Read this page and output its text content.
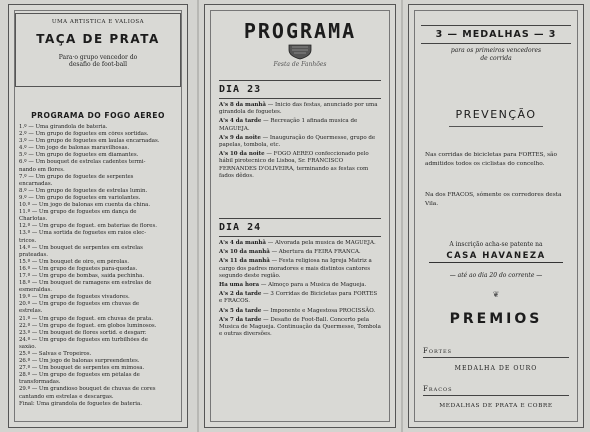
UMA ARTISTICA E VALIOSA
TAÇA DE PRATA
Para·o grupo vencedor do
desafio de foot-ball
PROGRAMA DO FOGO AEREO
1.º — Uma girandola de bateria.
2.º — Um grupo de foguetes em côres sortidas.
3.º — Um grupo de foguetes em laulas encarnadas.
4.º — Um jogo de balonas maravilhosas.
5.º — Um grupo de foguetes em diamantes.
6.º — Um bouquet de estrelas cadentes termi-
nando em flores.
7.º — Um grupo de foguetes de serpentes
encarnadas.
8.º — Um grupo de foguetes de estrelas lumin.
9.º — Um grupo de foguetes em variolantes.
10.º — Um jogo de balonas em cuenta da china.
11.º — Um grupo de foguetes em dança de
Charlotas.
12.º — Um grupo de foguet. em baterias de flores.
13.º — Uma sortida de foguetes em raios elec-
tricos.
14.º — Um bouquet de serpentes em estrelas
prateadas.
15.º — Um bouquet de oiro, em pérolas.
16.º — Um grupo de foguetes para-quedas.
17.º — Um grupo de bombas, saída pechinha.
18.º — Um bouquet de ramagens em estrelas de
esmeraldas.
19.º — Um grupo de foguetes vivadores.
20.º — Um grupo de foguetes em chuvas de
estrelas.
21.º — Um grupo de foguet. em chuvas de prata.
22.º — Um grupo de foguet. em globos luminosos.
23.º — Um bouquet de flores sortid. e desgarr.
24.º — Um grupo de foguetes em turbilhões de
saxão.
25.º — Salvas e Tropeiros.
26.º — Um jogo de balonas surpreendentes.
27.º — Um bouquet de serpentes em mimosa.
28.º — Um grupo de foguetes em pétalas de
transformadas.
29.º — Um grandioso bouquet de chuvas de cores
cantando em estrelas e descargas.
Final: Uma girandola de foguetes de bateria.
PROGRAMA
Festa de Fanhões
DIA 23
A's 8 da manhã — Inicio das festas, anunciado por uma girandola de foguetes.
A's 4 da tarde — Recreação 1 afinada musica de MAGUEJA.
A's 9 da noite — Inauguração do Quermesse, grupo de papelas, tombola, etc.
A's 10 da noite — FOGO AEREO confeccionado pelo hábil pirotecnico de Lisboa, Sr. FRANCISCO FERNANDES D'OLIVEIRA, terminando as festas com fados dêdos.
DIA 24
A's 4 da manhã — Alvorada pela musica de MAGUEJA.
A's 10 da manhã — Abertura da FEIRA FRANCA.
A's 11 da manhã — Festa religiosa na Igreja Matriz a cargo dos padres moradores e mais distintos cantores segundo deste região.
Ha uma hora — Almoço para a Musica de Magueja.
A's 2 da tarde — 3 Corridas de Bicicletas para FORTES e FRACOS.
A's 5 da tarde — Imponente e Magestosa PROCISSÃO.
A's 7 da tarde — Desafio de Foot-Ball. Concerto pela Musica de Magueja. Continuação da Quermesse, Tombola e outras diversões.
3 — MEDALHAS — 3
para os primeiros vencedores
de corrida
PREVENÇÃO
Nas corridas de bicicletas para FORTES, são admitidos todos os ciclistas do concelho.
Na dos FRACOS, sómente os corredores desta Vila.
A inscrição acha-se patente na
CASA HAVANEZA
— até ao dia 20 do corrente —
❦
PREMIOS
Fortes
MEDALHA DE OURO
Fracos
MEDALHAS DE PRATA E COBRE
